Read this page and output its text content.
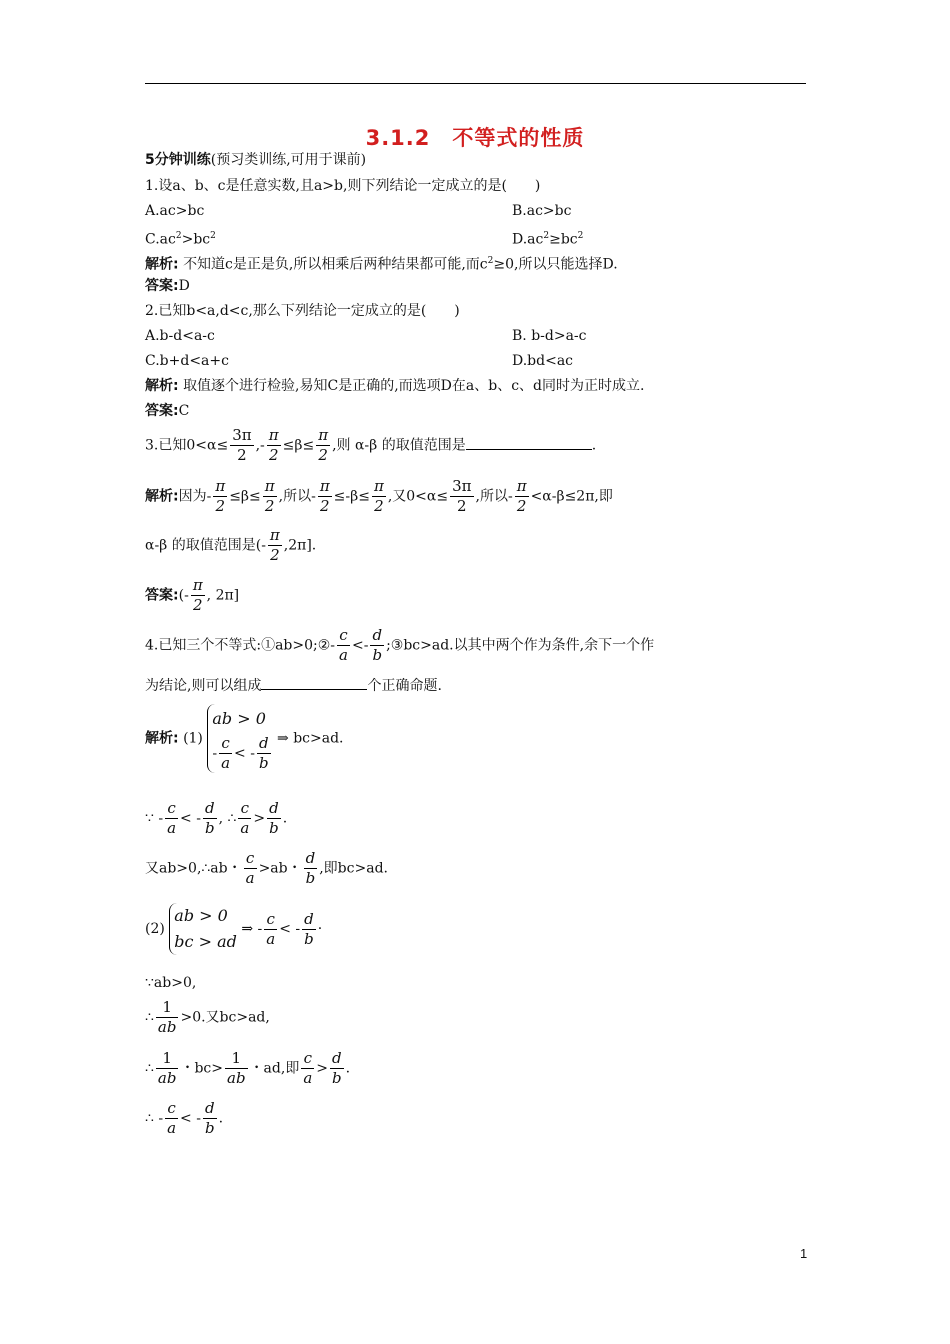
3.1.2　不等式的性质
5分钟训练(预习类训练,可用于课前)
1.设a、b、c是任意实数,且a>b,则下列结论一定成立的是(　　)
A.ac>bc	B.ac>bc
$C.ac^2>bc^2$	$D.ac^2\ge bc^2$
解析: 不知道c是正是负,所以相乘后两种结果都可能,而$c^2\ge 0$,所以只能选择D.
答案:D
2.已知b<a,d<c,那么下列结论一定成立的是(　　)
A.b-d<a-c	B. b-d>a-c
C.b+d<a+c	D.bd<ac
解析: 取值逐个进行检验,易知C是正确的,而选项D在a、b、c、d同时为正时成立.
答案:C
3.已知$0<\alpha\le \frac{3\pi}{2}$ ,- $\frac{\pi}{2} \le\beta\le \frac{\pi}{2}$ ,则 α-β 的取值范围是	.
解析:因为- $\frac{\pi}{2} \le\beta\le \frac{\pi}{2}$ ,所以- $\frac{\pi}{2} \le-\beta\le \frac{\pi}{2}$ ,又$0<\alpha\le \frac{3\pi}{2}$ ,所以- $\frac{\pi}{2} <\alpha-\beta\le 2\pi$,即
α-β 的取值范围是(- $\frac{\pi}{2} ,2\pi$].
答案:(- $\frac{\pi}{2}$ , 2π]
4.已知三个不等式:①ab>0;②- $\frac{c}{a} <- \frac{d}{b}$ ;③bc>ad.以其中两个作为条件,余下一个作
为结论,则可以组成	个正确命题.
解析: (1)
ab > 0
- $\frac{c}{a}$ < - $\frac{d}{b}$ ⇒ bc>ad.
∵ - $\frac{c}{a}$ < - $\frac{d}{b}$ , ∴ $\frac{c}{a} > \frac{d}{b}$ .
又ab>0,∴ab・ $\frac{c}{a} >ab$・ $\frac{d}{b}$ ,即bc>ad.
(2)
ab > 0
bc > ad
⇒ - $\frac{c}{a}$ < - $\frac{d}{b}$ ·
∵ab>0,
∴ $\frac{1}{ab} >0$.又bc>ad,
∴ $\frac{1}{ab}$ ・$bc> \frac{1}{ab}$ ・ad,即 $\frac{c}{a} > \frac{d}{b}$ .
∴ - $\frac{c}{a}$ < - $\frac{d}{b}$ .
1
